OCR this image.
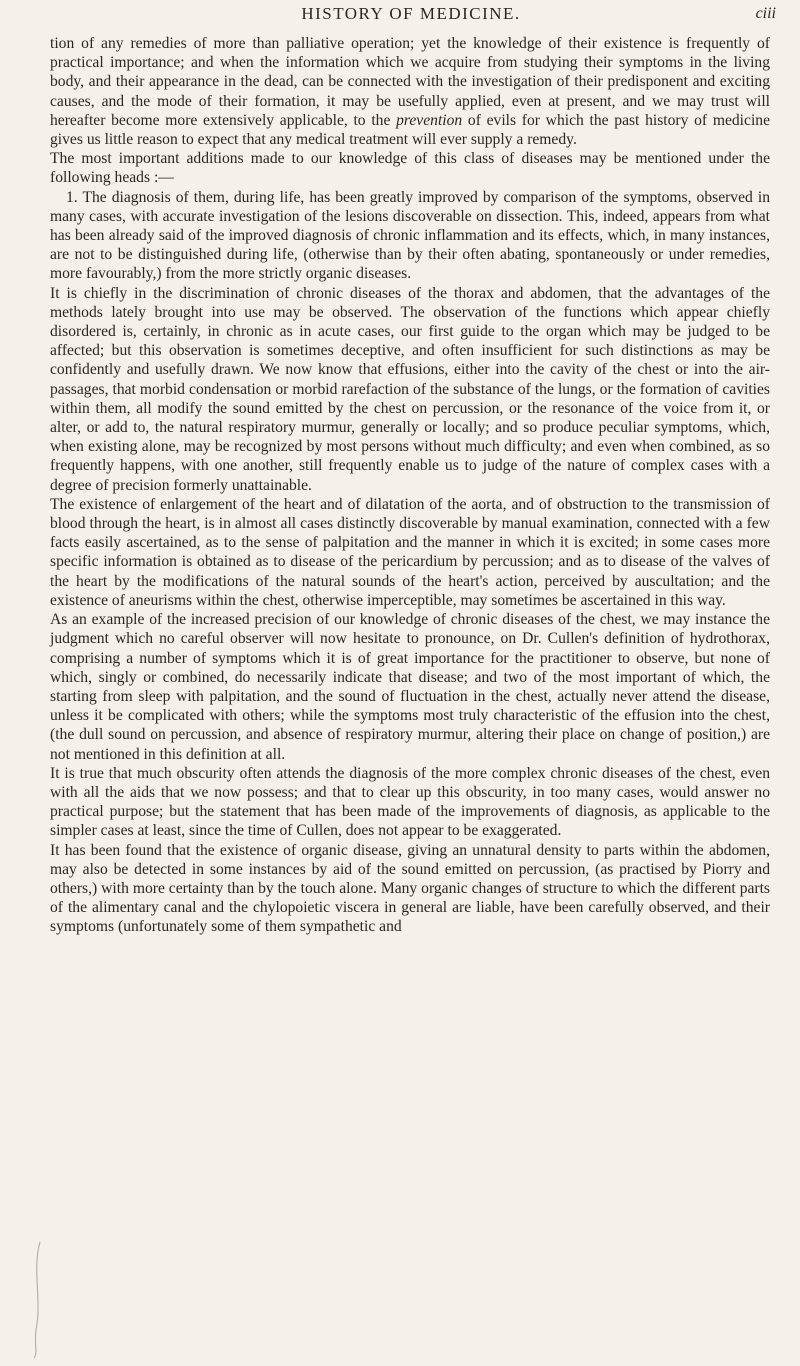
HISTORY OF MEDICINE.	ciii

tion of any remedies of more than palliative operation; yet the knowledge of their existence is frequently of practical importance; and when the information which we acquire from studying their symptoms in the living body, and their appearance in the dead, can be connected with the investigation of their predisponent and exciting causes, and the mode of their formation, it may be usefully applied, even at present, and we may trust will hereafter become more extensively applicable, to the prevention of evils for which the past history of medicine gives us little reason to expect that any medical treatment will ever supply a remedy.

The most important additions made to our knowledge of this class of diseases may be mentioned under the following heads :—

1. The diagnosis of them, during life, has been greatly improved by comparison of the symptoms, observed in many cases, with accurate investigation of the lesions discoverable on dissection. This, indeed, appears from what has been already said of the improved diagnosis of chronic inflammation and its effects, which, in many instances, are not to be distinguished during life, (otherwise than by their often abating, spontaneously or under remedies, more favourably,) from the more strictly organic diseases.

It is chiefly in the discrimination of chronic diseases of the thorax and abdomen, that the advantages of the methods lately brought into use may be observed. The observation of the functions which appear chiefly disordered is, certainly, in chronic as in acute cases, our first guide to the organ which may be judged to be affected; but this observation is sometimes deceptive, and often insufficient for such distinctions as may be confidently and usefully drawn. We now know that effusions, either into the cavity of the chest or into the air-passages, that morbid condensation or morbid rarefaction of the substance of the lungs, or the formation of cavities within them, all modify the sound emitted by the chest on percussion, or the resonance of the voice from it, or alter, or add to, the natural respiratory murmur, generally or locally; and so produce peculiar symptoms, which, when existing alone, may be recognized by most persons without much difficulty; and even when combined, as so frequently happens, with one another, still frequently enable us to judge of the nature of complex cases with a degree of precision formerly unattainable.

The existence of enlargement of the heart and of dilatation of the aorta, and of obstruction to the transmission of blood through the heart, is in almost all cases distinctly discoverable by manual examination, connected with a few facts easily ascertained, as to the sense of palpitation and the manner in which it is excited; in some cases more specific information is obtained as to disease of the pericardium by percussion; and as to disease of the valves of the heart by the modifications of the natural sounds of the heart's action, perceived by auscultation; and the existence of aneurisms within the chest, otherwise imperceptible, may sometimes be ascertained in this way.

As an example of the increased precision of our knowledge of chronic diseases of the chest, we may instance the judgment which no careful observer will now hesitate to pronounce, on Dr. Cullen's definition of hydrothorax, comprising a number of symptoms which it is of great importance for the practitioner to observe, but none of which, singly or combined, do necessarily indicate that disease; and two of the most important of which, the starting from sleep with palpitation, and the sound of fluctuation in the chest, actually never attend the disease, unless it be complicated with others; while the symptoms most truly characteristic of the effusion into the chest, (the dull sound on percussion, and absence of respiratory murmur, altering their place on change of position,) are not mentioned in this definition at all.

It is true that much obscurity often attends the diagnosis of the more complex chronic diseases of the chest, even with all the aids that we now possess; and that to clear up this obscurity, in too many cases, would answer no practical purpose; but the statement that has been made of the improvements of diagnosis, as applicable to the simpler cases at least, since the time of Cullen, does not appear to be exaggerated.

It has been found that the existence of organic disease, giving an unnatural density to parts within the abdomen, may also be detected in some instances by aid of the sound emitted on percussion, (as practised by Piorry and others,) with more certainty than by the touch alone. Many organic changes of structure to which the different parts of the alimentary canal and the chylopoietic viscera in general are liable, have been carefully observed, and their symptoms (unfortunately some of them sympathetic and
